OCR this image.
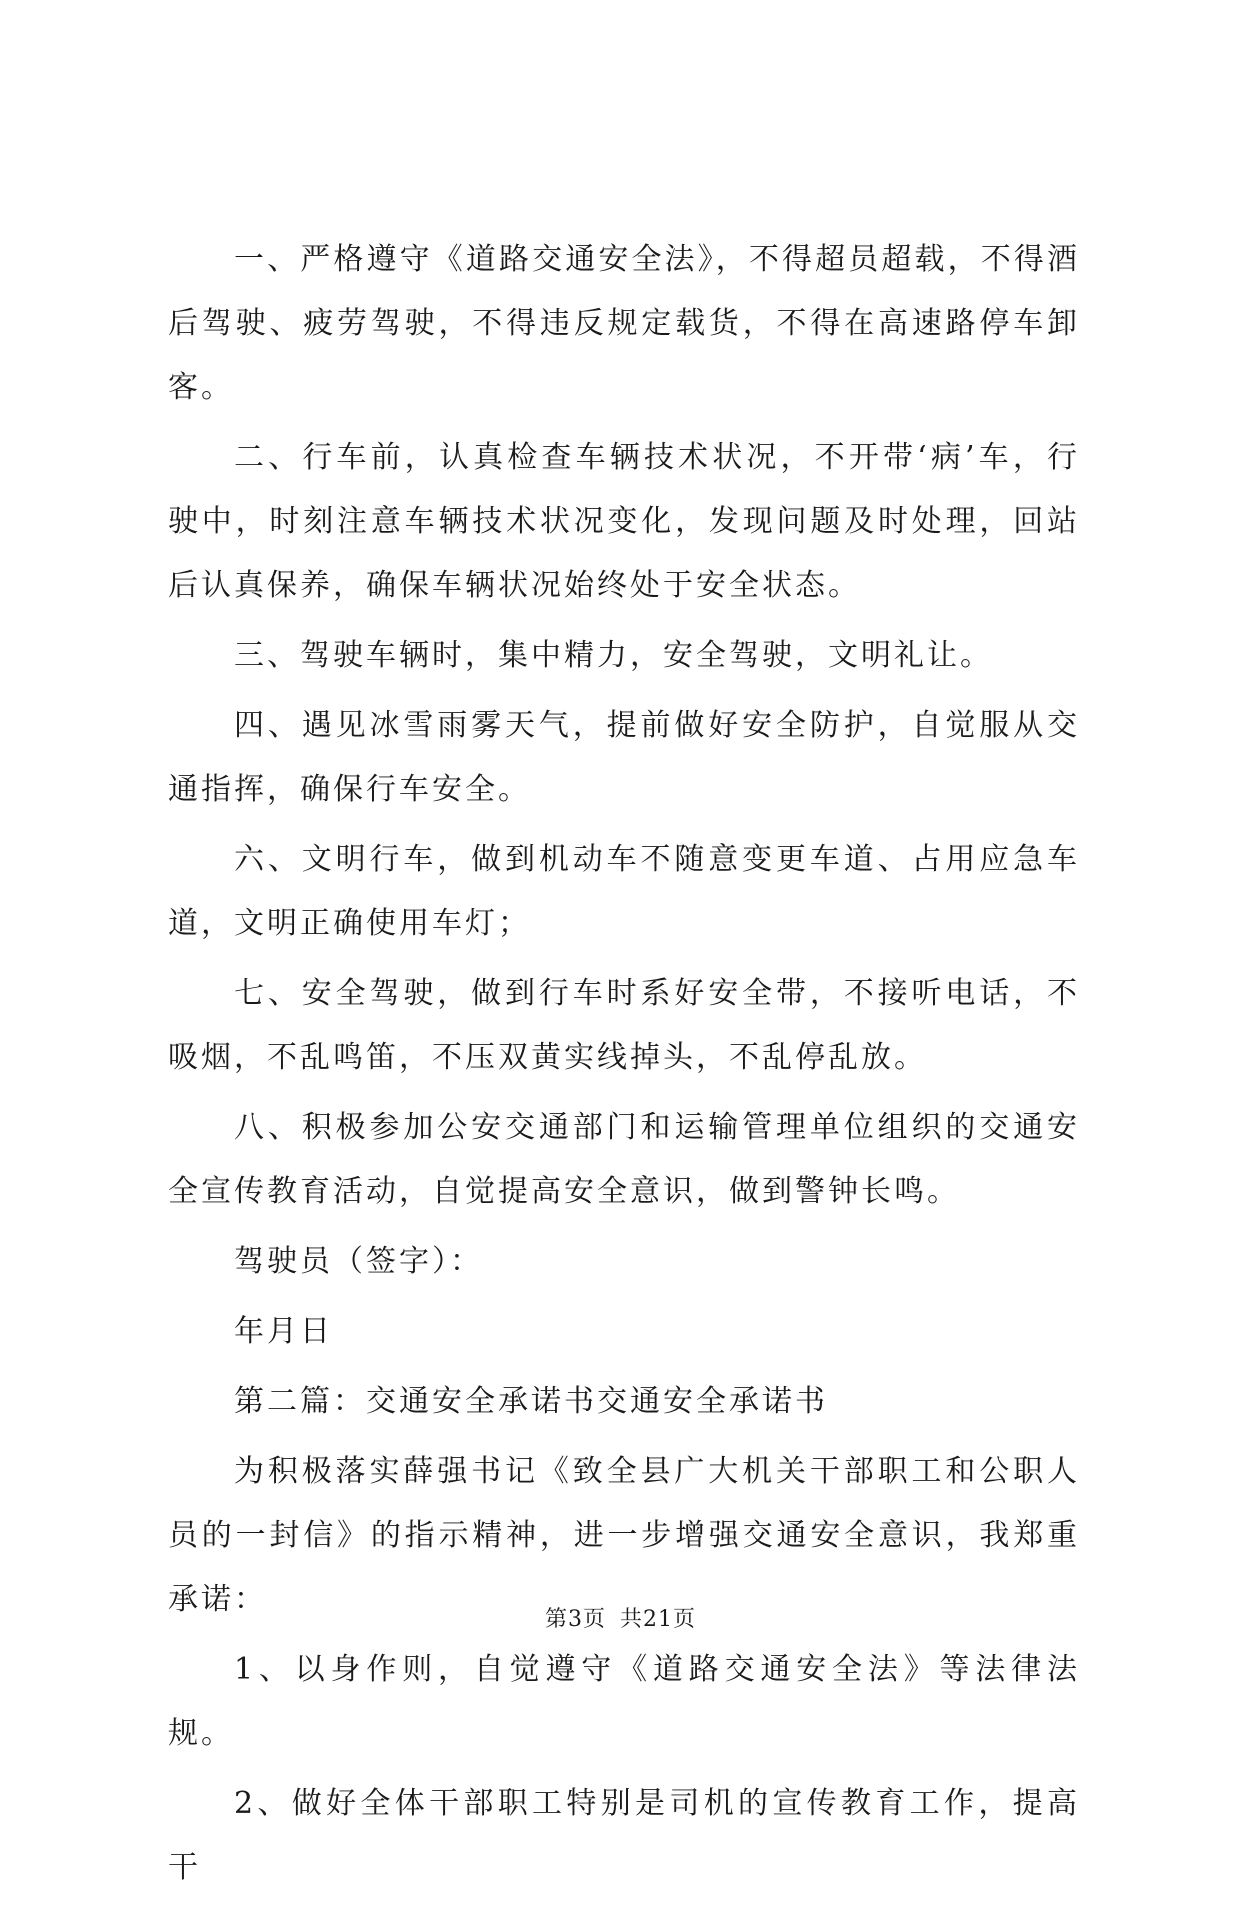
一、严格遵守《道路交通安全法》，不得超员超载，不得酒后驾驶、疲劳驾驶，不得违反规定载货，不得在高速路停车卸客。

二、行车前，认真检查车辆技术状况，不开带‘病’车，行驶中，时刻注意车辆技术状况变化，发现问题及时处理，回站后认真保养，确保车辆状况始终处于安全状态。

三、驾驶车辆时，集中精力，安全驾驶，文明礼让。

四、遇见冰雪雨雾天气，提前做好安全防护，自觉服从交通指挥，确保行车安全。

六、文明行车，做到机动车不随意变更车道、占用应急车道，文明正确使用车灯；

七、安全驾驶，做到行车时系好安全带，不接听电话，不吸烟，不乱鸣笛，不压双黄实线掉头，不乱停乱放。

八、积极参加公安交通部门和运输管理单位组织的交通安全宣传教育活动，自觉提高安全意识，做到警钟长鸣。

驾驶员（签字）：

年月日

第二篇：交通安全承诺书交通安全承诺书

为积极落实薛强书记《致全县广大机关干部职工和公职人员的一封信》的指示精神，进一步增强交通安全意识，我郑重承诺：

1、以身作则，自觉遵守《道路交通安全法》等法律法规。

2、做好全体干部职工特别是司机的宣传教育工作，提高干

第3页 共21页
